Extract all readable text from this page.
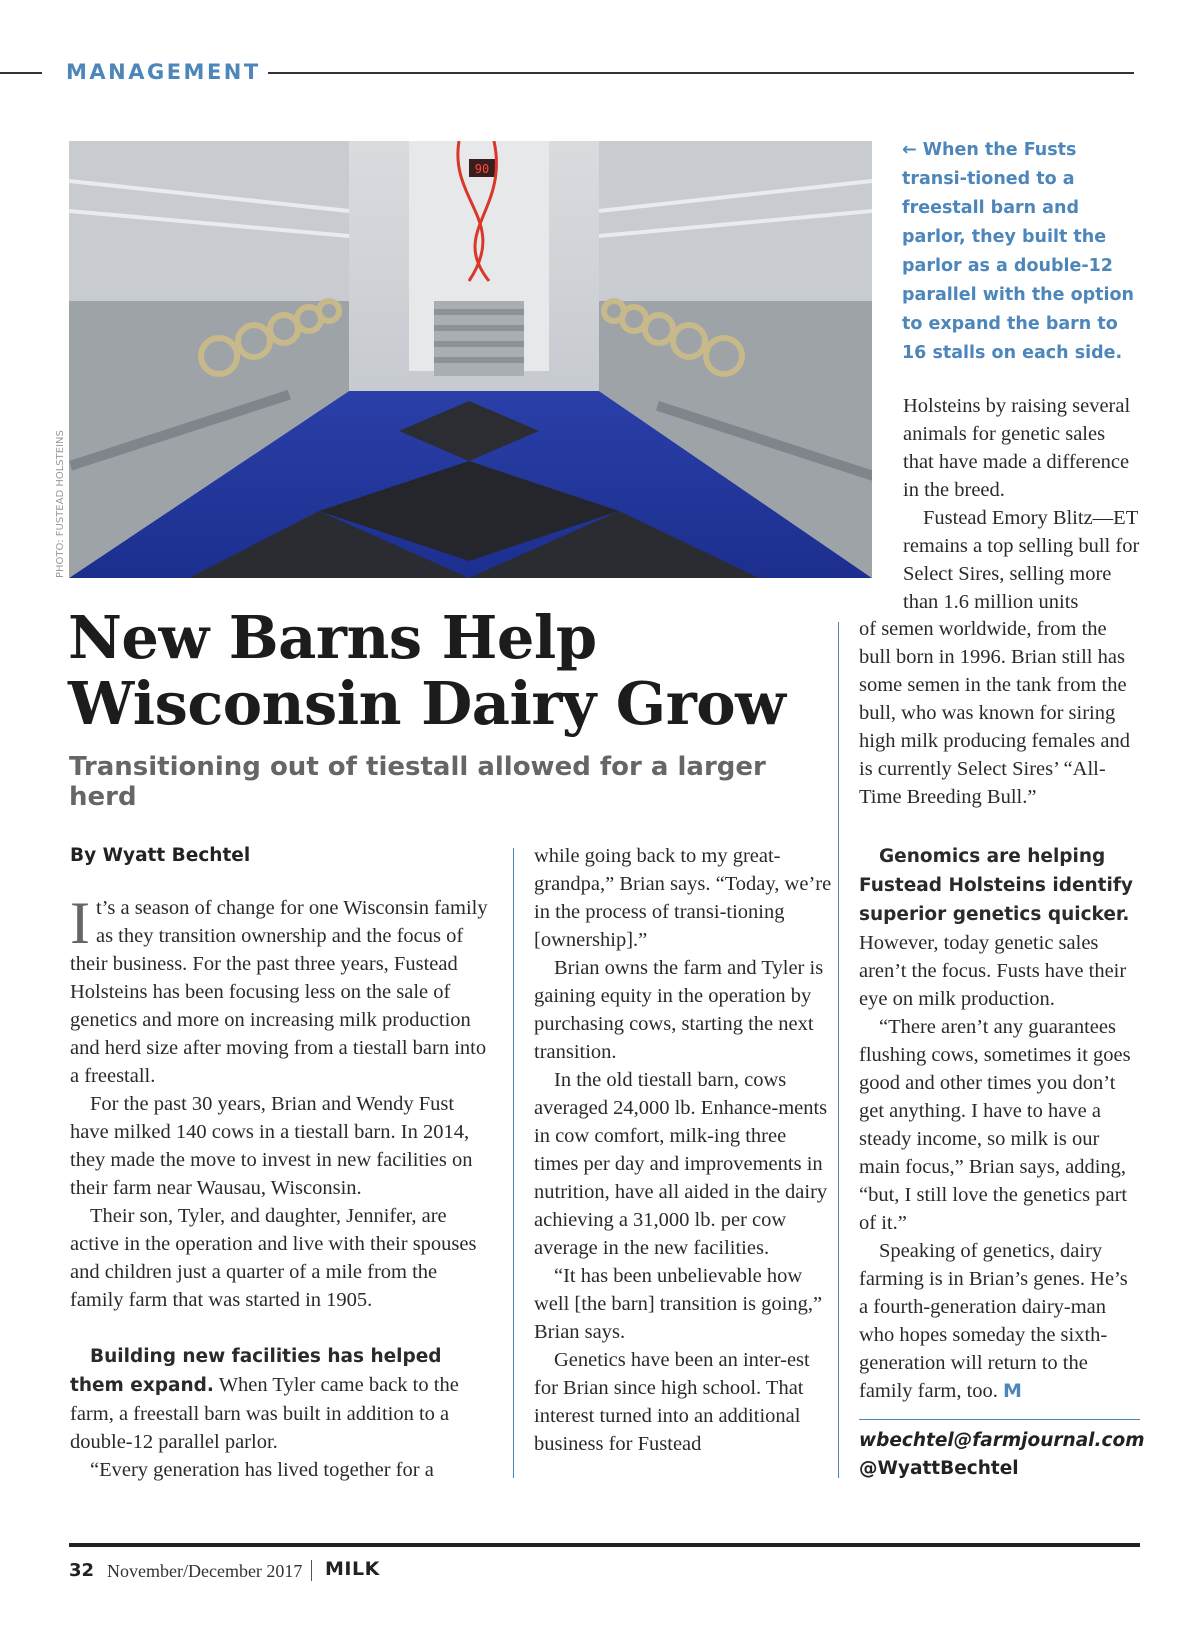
MANAGEMENT
90
PHOTO: FUSTEAD HOLSTEINS
← When the Fusts transi-tioned to a freestall barn and parlor, they built the parlor as a double-12 parallel with the option to expand the barn to 16 stalls on each side.
New Barns Help
Wisconsin Dairy Grow
Transitioning out of tiestall allowed for a larger herd

By Wyatt Bechtel

It’s a season of change for one Wisconsin family as they transition ownership and the focus of their business. For the past three years, Fustead Holsteins has been focusing less on the sale of genetics and more on increasing milk production and herd size after moving from a tiestall barn into a freestall.

For the past 30 years, Brian and Wendy Fust have milked 140 cows in a tiestall barn. In 2014, they made the move to invest in new facilities on their farm near Wausau, Wisconsin.

Their son, Tyler, and daughter, Jennifer, are active in the operation and live with their spouses and children just a quarter of a mile from the family farm that was started in 1905.

Building new facilities has helped them expand. When Tyler came back to the farm, a freestall barn was built in addition to a double-12 parallel parlor.

“Every generation has lived together for a

while going back to my great-grandpa,” Brian says. “Today, we’re in the process of transi-tioning [ownership].”

Brian owns the farm and Tyler is gaining equity in the operation by purchasing cows, starting the next transition.

In the old tiestall barn, cows averaged 24,000 lb. Enhance-ments in cow comfort, milk-ing three times per day and improvements in nutrition, have all aided in the dairy achieving a 31,000 lb. per cow average in the new facilities.

“It has been unbelievable how well [the barn] transition is going,” Brian says.

Genetics have been an inter-est for Brian since high school. That interest turned into an additional business for Fustead

Holsteins by raising several animals for genetic sales that have made a difference in the breed.

Fustead Emory Blitz—ET remains a top selling bull for Select Sires, selling more than 1.6 million units

of semen worldwide, from the bull born in 1996. Brian still has some semen in the tank from the bull, who was known for siring high milk producing females and is currently Select Sires’ “All-Time Breeding Bull.”

Genomics are helping Fustead Holsteins identify superior genetics quicker. However, today genetic sales aren’t the focus. Fusts have their eye on milk production.

“There aren’t any guarantees flushing cows, sometimes it goes good and other times you don’t get anything. I have to have a steady income, so milk is our main focus,” Brian says, adding, “but, I still love the genetics part of it.”

Speaking of genetics, dairy farming is in Brian’s genes. He’s a fourth-generation dairy-man who hopes someday the sixth-generation will return to the family farm, too. M

wbechtel@farmjournal.com
@WyattBechtel
32 November/December 2017 MILK
